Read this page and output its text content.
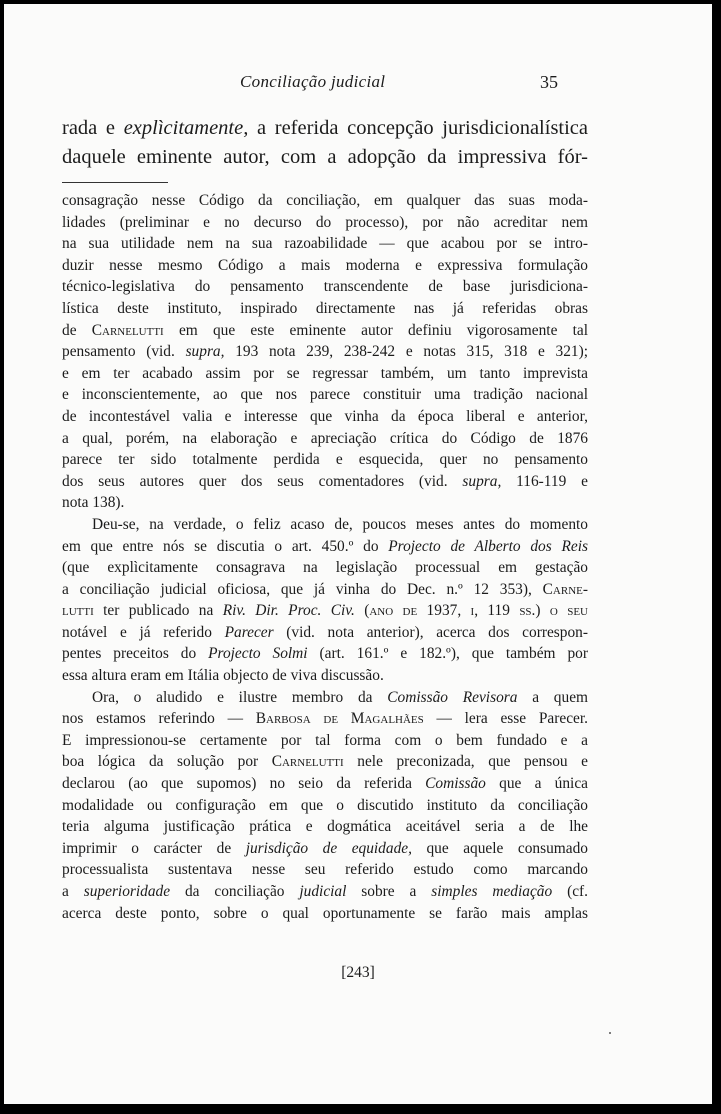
Conciliação judicial	35

rada e explìcitamente, a referida concepção jurisdicionalística
daquele eminente autor, com a adopção da impressiva fór-

consagração nesse Código da conciliação, em qualquer das suas moda-
lidades (preliminar e no decurso do processo), por não acreditar nem
na sua utilidade nem na sua razoabilidade — que acabou por se intro-
duzir nesse mesmo Código a mais moderna e expressiva formulação
técnico-legislativa do pensamento transcendente de base jurisdiciona-
lística deste instituto, inspirado directamente nas já referidas obras
de Carnelutti em que este eminente autor definiu vigorosamente tal
pensamento (vid. supra, 193 nota 239, 238-242 e notas 315, 318 e 321);
e em ter acabado assim por se regressar também, um tanto imprevista
e inconscientemente, ao que nos parece constituir uma tradição nacional
de incontestável valia e interesse que vinha da época liberal e anterior,
a qual, porém, na elaboração e apreciação crítica do Código de 1876
parece ter sido totalmente perdida e esquecida, quer no pensamento
dos seus autores quer dos seus comentadores (vid. supra, 116-119 e
nota 138).

Deu-se, na verdade, o feliz acaso de, poucos meses antes do momento
em que entre nós se discutia o art. 450.º do Projecto de Alberto dos Reis
(que explìcitamente consagrava na legislação processual em gestação
a conciliação judicial oficiosa, que já vinha do Dec. n.º 12 353), Carne-
lutti ter publicado na Riv. Dir. Proc. Civ. (ano de 1937, i, 119 ss.) o seu
notável e já referido Parecer (vid. nota anterior), acerca dos correspon-
pentes preceitos do Projecto Solmi (art. 161.º e 182.º), que também por
essa altura eram em Itália objecto de viva discussão.

Ora, o aludido e ilustre membro da Comissão Revisora a quem
nos estamos referindo — Barbosa de Magalhães — lera esse Parecer.
E impressionou-se certamente por tal forma com o bem fundado e a
boa lógica da solução por Carnelutti nele preconizada, que pensou e
declarou (ao que supomos) no seio da referida Comissão que a única
modalidade ou configuração em que o discutido instituto da conciliação
teria alguma justificação prática e dogmática aceitável seria a de lhe
imprimir o carácter de jurisdição de equidade, que aquele consumado
processualista sustentava nesse seu referido estudo como marcando
a superioridade da conciliação judicial sobre a simples mediação (cf.
acerca deste ponto, sobre o qual oportunamente se farão mais amplas

[243]
